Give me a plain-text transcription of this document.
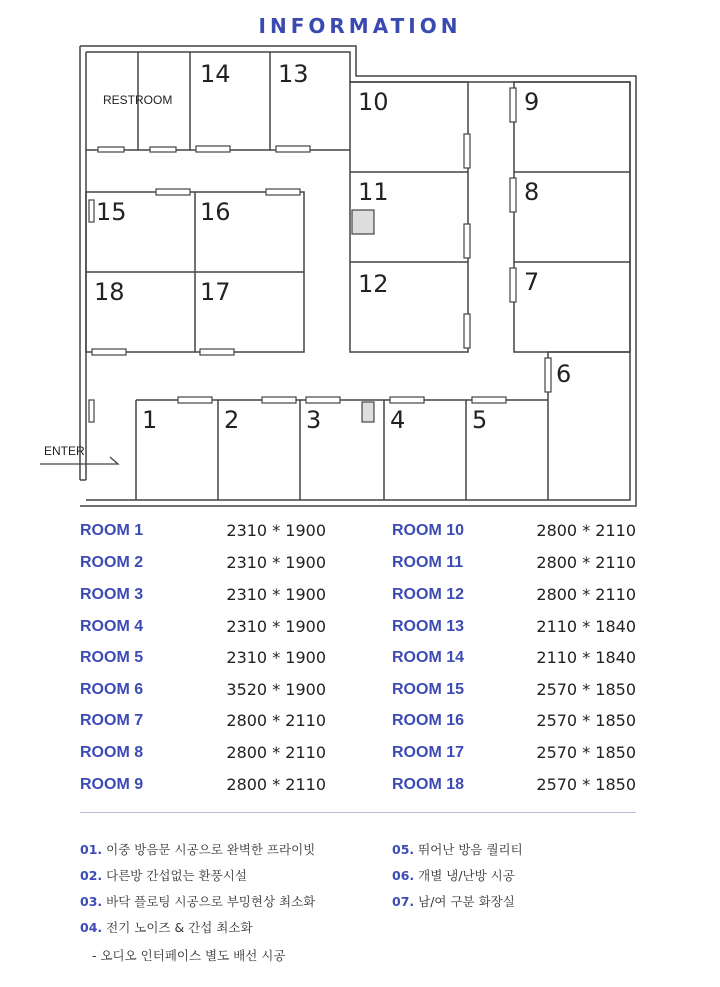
INFORMATION
ENTER
RESTROOM
14 13
10	9
11	8
15	16
12	7
18	17
6
1	2	3	4	5
ROOM 1	2310 * 1900
ROOM 2	2310 * 1900
ROOM 3	2310 * 1900
ROOM 4	2310 * 1900
ROOM 5	2310 * 1900
ROOM 6	3520 * 1900
ROOM 7	2800 * 2110
ROOM 8	2800 * 2110
ROOM 9	2800 * 2110
ROOM 10	2800 * 2110
ROOM 11	2800 * 2110
ROOM 12	2800 * 2110
ROOM 13	2110 * 1840
ROOM 14	2110 * 1840
ROOM 15	2570 * 1850
ROOM 16	2570 * 1850
ROOM 17	2570 * 1850
ROOM 18	2570 * 1850
01. 이중 방음문 시공으로 완벽한 프라이빗
02. 다른방 간섭없는 환풍시설
03. 바닥 플로팅 시공으로 부밍현상 최소화
04. 전기 노이즈 & 간섭 최소화
- 오디오 인터페이스 별도 배선 시공
05. 뛰어난 방음 퀄리티
06. 개별 냉/난방 시공
07. 남/여 구분 화장실
